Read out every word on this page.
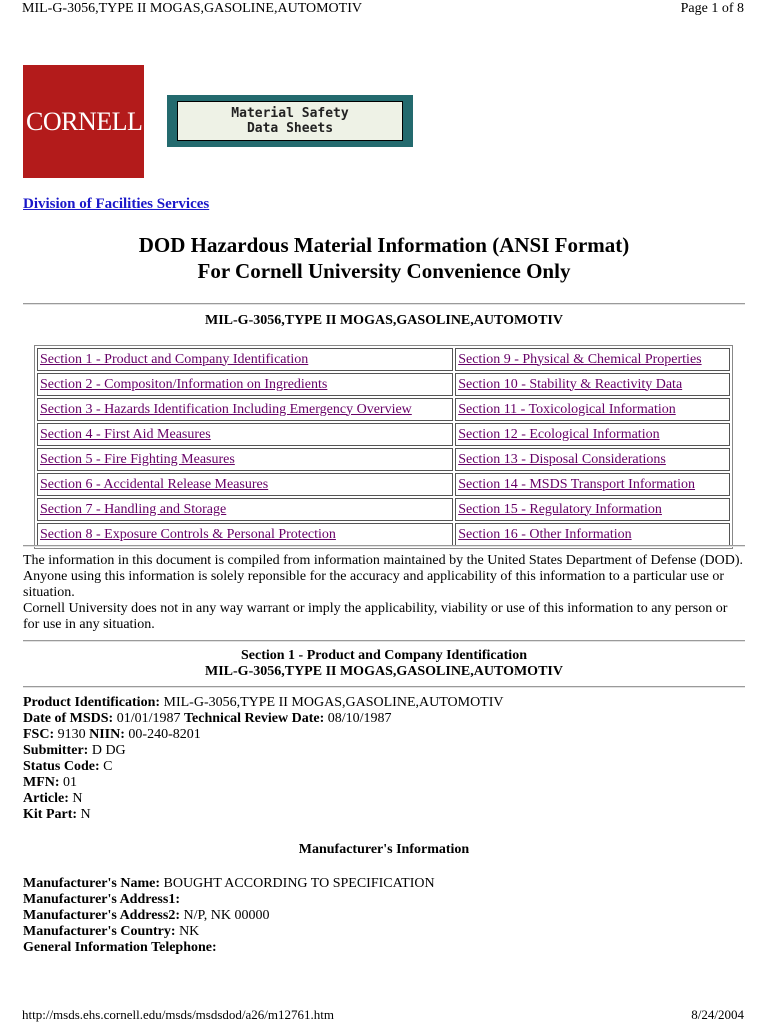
MIL-G-3056,TYPE II MOGAS,GASOLINE,AUTOMOTIV	Page 1 of 8
CORNELL	Material Safety
Data Sheets
Division of Facilities Services
DOD Hazardous Material Information (ANSI Format)
For Cornell University Convenience Only
MIL-G-3056,TYPE II MOGAS,GASOLINE,AUTOMOTIV
Section 1 - Product and Company Identification	Section 9 - Physical & Chemical Properties
Section 2 - Compositon/Information on Ingredients	Section 10 - Stability & Reactivity Data
Section 3 - Hazards Identification Including Emergency Overview	Section 11 - Toxicological Information
Section 4 - First Aid Measures	Section 12 - Ecological Information
Section 5 - Fire Fighting Measures	Section 13 - Disposal Considerations
Section 6 - Accidental Release Measures	Section 14 - MSDS Transport Information
Section 7 - Handling and Storage	Section 15 - Regulatory Information
Section 8 - Exposure Controls & Personal Protection	Section 16 - Other Information
The information in this document is compiled from information maintained by the United States Department of Defense (DOD). Anyone using this information is solely reponsible for the accuracy and applicability of this information to a particular use or situation.
Cornell University does not in any way warrant or imply the applicability, viability or use of this information to any person or for use in any situation.
Section 1 - Product and Company Identification
MIL-G-3056,TYPE II MOGAS,GASOLINE,AUTOMOTIV
Product Identification: MIL-G-3056,TYPE II MOGAS,GASOLINE,AUTOMOTIV
Date of MSDS: 01/01/1987 Technical Review Date: 08/10/1987
FSC: 9130 NIIN: 00-240-8201
Submitter: D DG
Status Code: C
MFN: 01
Article: N
Kit Part: N
Manufacturer's Information
Manufacturer's Name: BOUGHT ACCORDING TO SPECIFICATION
Manufacturer's Address1:
Manufacturer's Address2: N/P, NK 00000
Manufacturer's Country: NK
General Information Telephone:
http://msds.ehs.cornell.edu/msds/msdsdod/a26/m12761.htm	8/24/2004
